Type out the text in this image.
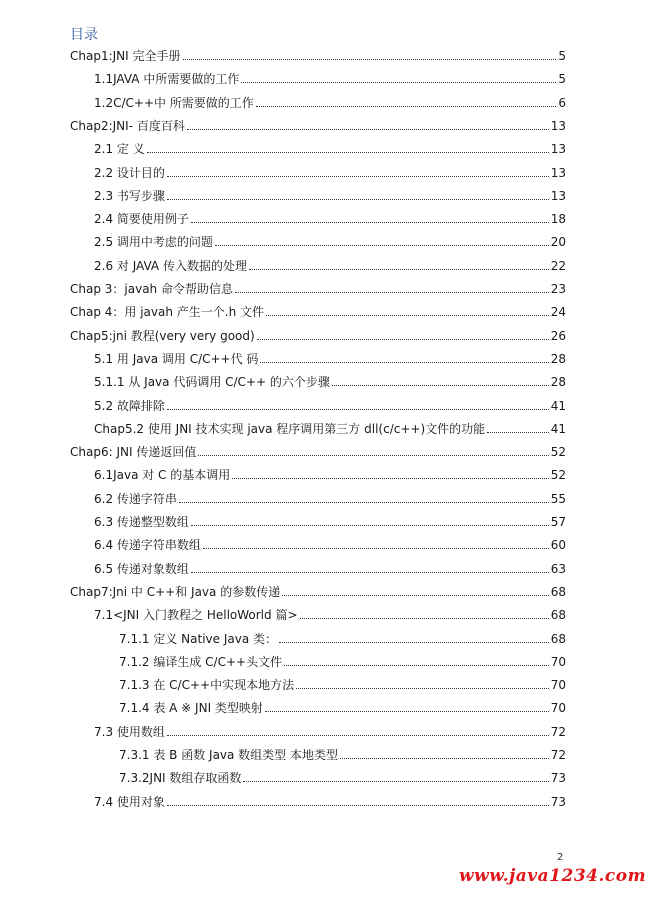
目录
Chap1:JNI 完全手册	5
1.1JAVA 中所需要做的工作	5
1.2C/C++中 所需要做的工作	6
Chap2:JNI- 百度百科	13
2.1 定 义	13
2.2 设计目的	13
2.3 书写步骤	13
2.4 简要使用例子	18
2.5 调用中考虑的问题	20
2.6 对 JAVA 传入数据的处理	22
Chap 3：javah 命令帮助信息	23
Chap 4：用 javah 产生一个.h 文件	24
Chap5:jni 教程(very very good)	26
5.1 用 Java 调用 C/C++代 码	28
5.1.1 从 Java 代码调用 C/C++ 的六个步骤	28
5.2 故障排除	41
Chap5.2 使用 JNI 技术实现 java 程序调用第三方 dll(c/c++)文件的功能	41
Chap6: JNI 传递返回值	52
6.1Java 对 C 的基本调用	52
6.2 传递字符串	55
6.3 传递整型数组	57
6.4 传递字符串数组	60
6.5 传递对象数组	63
Chap7:Jni 中 C++和 Java 的参数传递	68
7.1<JNI 入门教程之 HelloWorld 篇>	68
7.1.1 定义 Native Java 类：	68
7.1.2 编译生成 C/C++头文件	70
7.1.3 在 C/C++中实现本地方法	70
7.1.4 表 A ※ JNI 类型映射	70
7.3 使用数组	72
7.3.1 表 B 函数 Java 数组类型 本地类型	72
7.3.2JNI 数组存取函数	73
7.4 使用对象	73
2
www.java1234.com
